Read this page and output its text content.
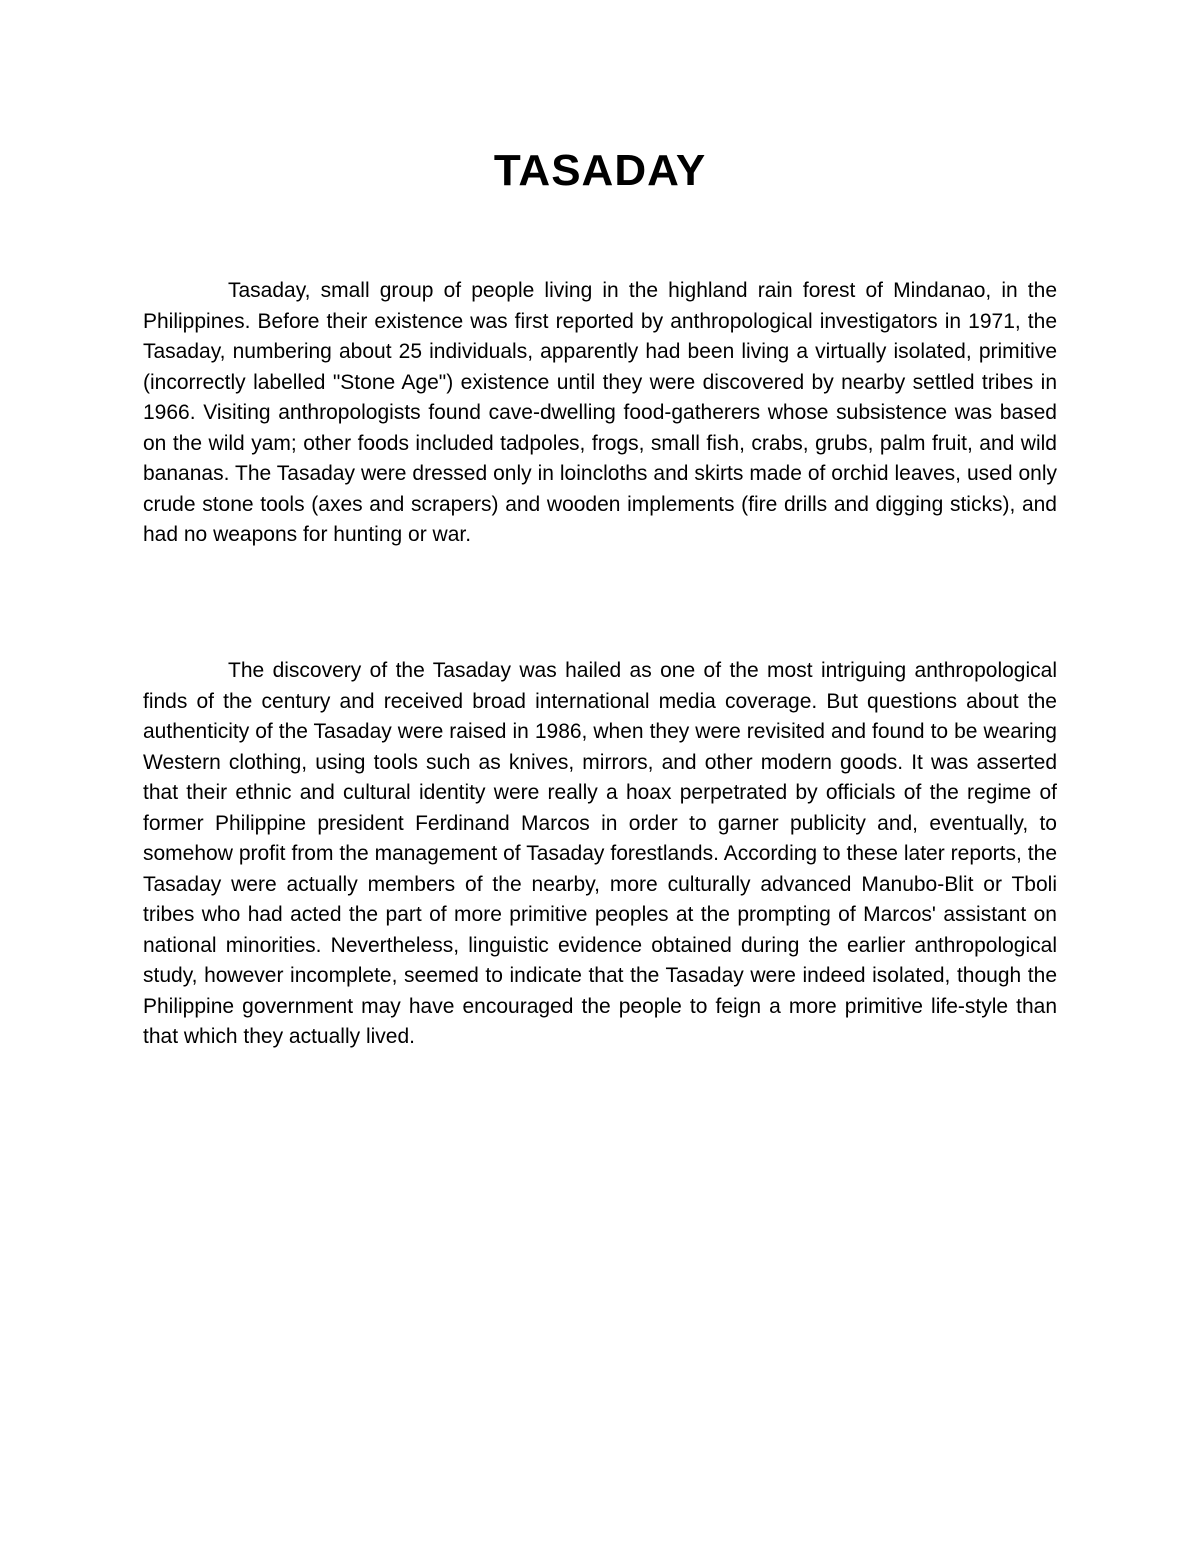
TASADAY

Tasaday, small group of people living in the highland rain forest of Mindanao, in the Philippines. Before their existence was first reported by anthropological investigators in 1971, the Tasaday, numbering about 25 individuals, apparently had been living a virtually isolated, primitive (incorrectly labelled "Stone Age") existence until they were discovered by nearby settled tribes in 1966. Visiting anthropologists found cave-dwelling food-gatherers whose subsistence was based on the wild yam; other foods included tadpoles, frogs, small fish, crabs, grubs, palm fruit, and wild bananas. The Tasaday were dressed only in loincloths and skirts made of orchid leaves, used only crude stone tools (axes and scrapers) and wooden implements (fire drills and digging sticks), and had no weapons for hunting or war.

The discovery of the Tasaday was hailed as one of the most intriguing anthropological finds of the century and received broad international media coverage. But questions about the authenticity of the Tasaday were raised in 1986, when they were revisited and found to be wearing Western clothing, using tools such as knives, mirrors, and other modern goods. It was asserted that their ethnic and cultural identity were really a hoax perpetrated by officials of the regime of former Philippine president Ferdinand Marcos in order to garner publicity and, eventually, to somehow profit from the management of Tasaday forestlands. According to these later reports, the Tasaday were actually members of the nearby, more culturally advanced Manubo-Blit or Tboli tribes who had acted the part of more primitive peoples at the prompting of Marcos' assistant on national minorities. Nevertheless, linguistic evidence obtained during the earlier anthropological study, however incomplete, seemed to indicate that the Tasaday were indeed isolated, though the Philippine government may have encouraged the people to feign a more primitive life-style than that which they actually lived.
